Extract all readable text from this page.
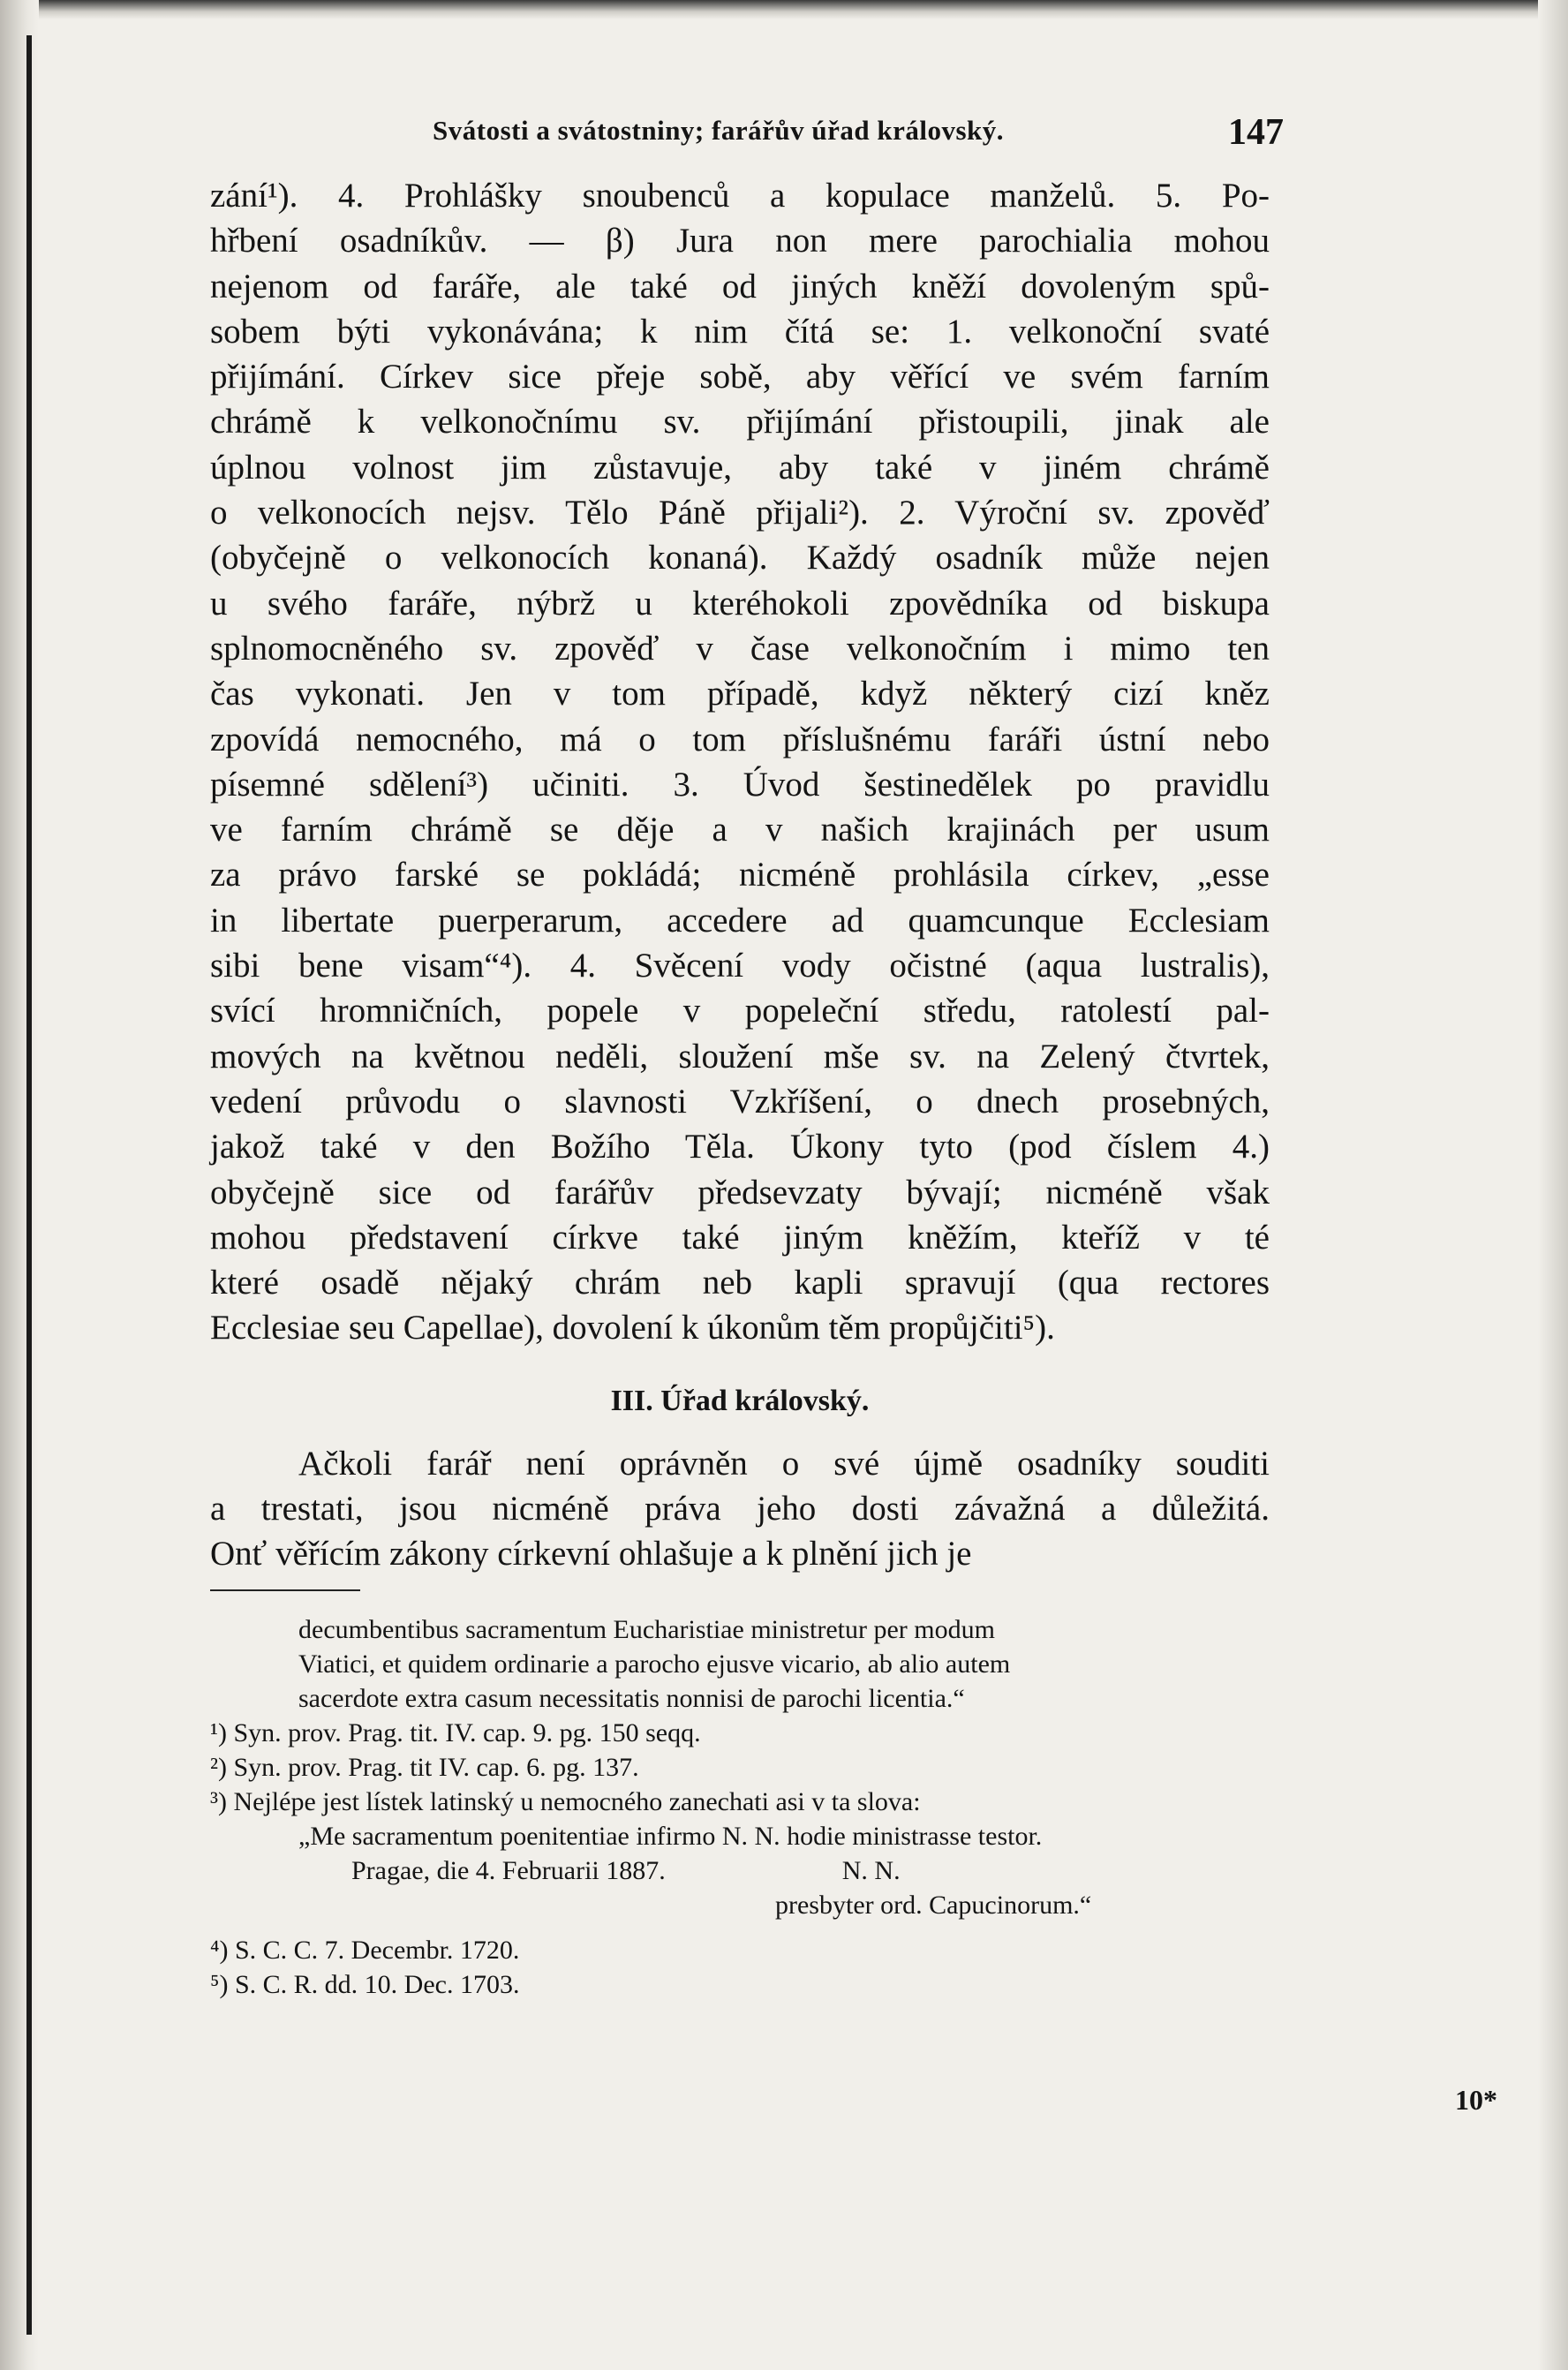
Svátosti a svátostniny; farářův úřad královský.	147

zání¹). 4. Prohlášky snoubenců a kopulace manželů. 5. Po-
hřbení osadníkův. — β) Jura non mere parochialia mohou
nejenom od faráře, ale také od jiných kněží dovoleným spů-
sobem býti vykonávána; k nim čítá se: 1. velkonoční svaté
přijímání. Církev sice přeje sobě, aby věřící ve svém farním
chrámě k velkonočnímu sv. přijímání přistoupili, jinak ale
úplnou volnost jim zůstavuje, aby také v jiném chrámě
o velkonocích nejsv. Tělo Páně přijali²). 2. Výroční sv. zpověď
(obyčejně o velkonocích konaná). Každý osadník může nejen
u svého faráře, nýbrž u kteréhokoli zpovědníka od biskupa
splnomocněného sv. zpověď v čase velkonočním i mimo ten
čas vykonati. Jen v tom případě, když některý cizí kněz
zpovídá nemocného, má o tom příslušnému faráři ústní nebo
písemné sdělení³) učiniti. 3. Úvod šestinedělek po pravidlu
ve farním chrámě se děje a v našich krajinách per usum
za právo farské se pokládá; nicméně prohlásila církev, „esse
in libertate puerperarum, accedere ad quamcunque Ecclesiam
sibi bene visam“⁴). 4. Svěcení vody očistné (aqua lustralis),
svící hromničních, popele v popeleční středu, ratolestí pal-
mových na květnou neděli, sloužení mše sv. na Zelený čtvrtek,
vedení průvodu o slavnosti Vzkříšení, o dnech prosebných,
jakož také v den Božího Těla. Úkony tyto (pod číslem 4.)
obyčejně sice od farářův předsevzaty bývají; nicméně však
mohou představení církve také jiným kněžím, kteříž v té
které osadě nějaký chrám neb kapli spravují (qua rectores
Ecclesiae seu Capellae), dovolení k úkonům těm propůjčiti⁵).

III. Úřad královský.

Ačkoli farář není oprávněn o své újmě osadníky souditi
a trestati, jsou nicméně práva jeho dosti závažná a důležitá.
Onť věřícím zákony církevní ohlašuje a k plnění jich je

decumbentibus sacramentum Eucharistiae ministretur per modum
Viatici, et quidem ordinarie a parocho ejusve vicario, ab alio autem
sacerdote extra casum necessitatis nonnisi de parochi licentia.“
¹) Syn. prov. Prag. tit. IV. cap. 9. pg. 150 seqq.
²) Syn. prov. Prag. tit IV. cap. 6. pg. 137.
³) Nejlépe jest lístek latinský u nemocného zanechati asi v ta slova:
„Me sacramentum poenitentiae infirmo N. N. hodie ministrasse testor.
Pragae, die 4. Februarii 1887.	N. N.
presbyter ord. Capucinorum.“
⁴) S. C. C. 7. Decembr. 1720.
⁵) S. C. R. dd. 10. Dec. 1703.
10*
